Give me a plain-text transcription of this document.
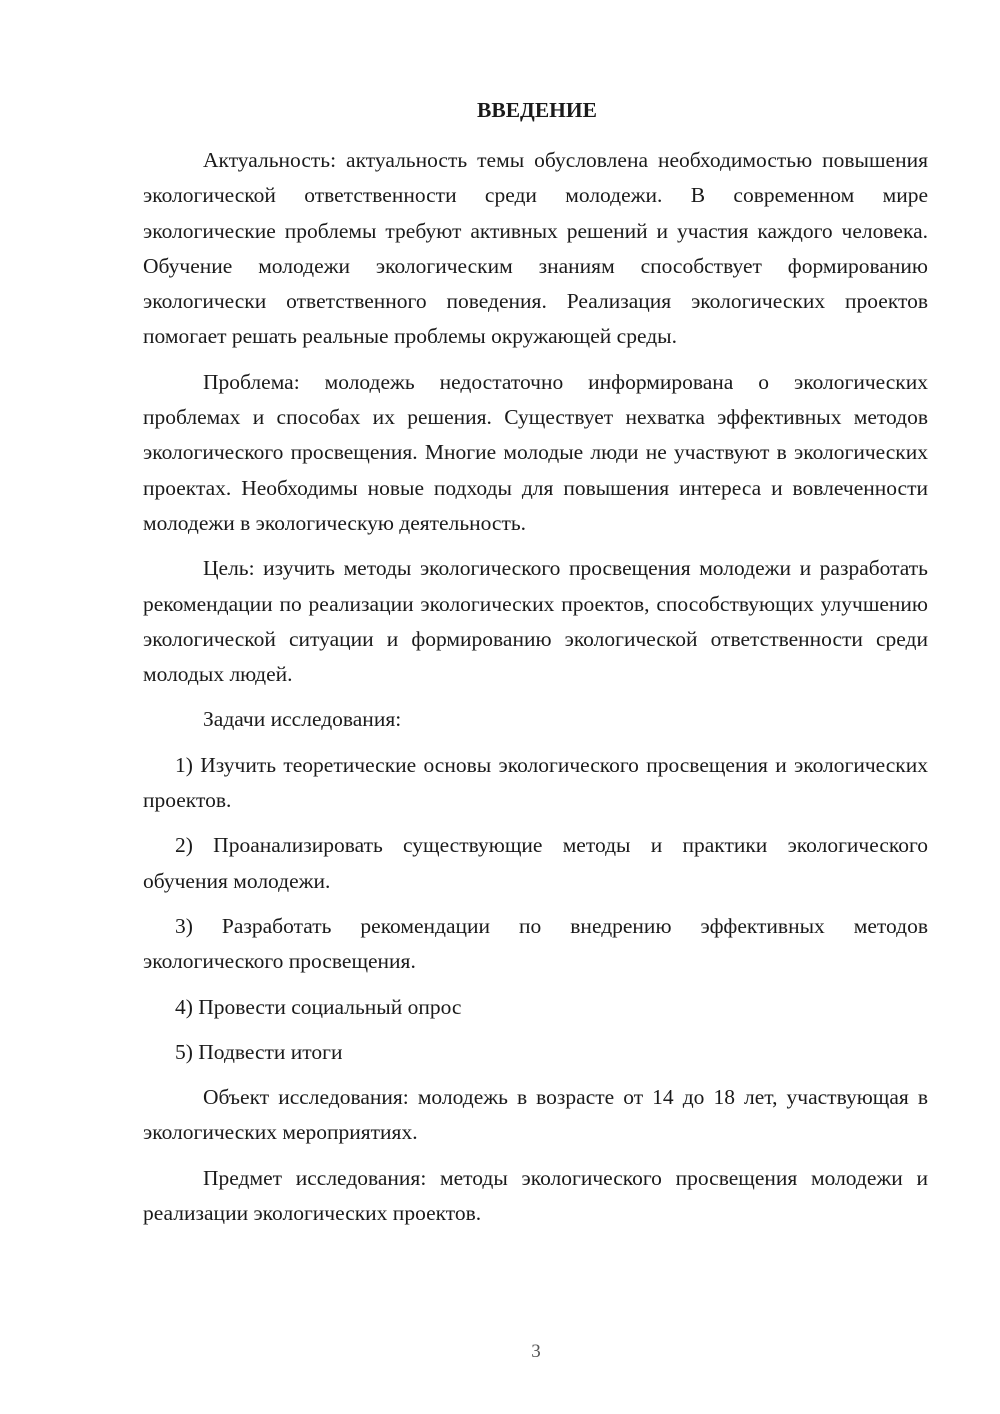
ВВЕДЕНИЕ

Актуальность: актуальность темы обусловлена необходимостью повышения экологической ответственности среди молодежи. В современном мире экологические проблемы требуют активных решений и участия каждого человека. Обучение молодежи экологическим знаниям способствует формированию экологически ответственного поведения. Реализация экологических проектов помогает решать реальные проблемы окружающей среды.

Проблема: молодежь недостаточно информирована о экологических проблемах и способах их решения. Существует нехватка эффективных методов экологического просвещения. Многие молодые люди не участвуют в экологических проектах. Необходимы новые подходы для повышения интереса и вовлеченности молодежи в экологическую деятельность.

Цель: изучить методы экологического просвещения молодежи и разработать рекомендации по реализации экологических проектов, способствующих улучшению экологической ситуации и формированию экологической ответственности среди молодых людей.

Задачи исследования:

1) Изучить теоретические основы экологического просвещения и экологических проектов.

2) Проанализировать существующие методы и практики экологического обучения молодежи.

3) Разработать рекомендации по внедрению эффективных методов экологического просвещения.

4) Провести социальный опрос

5) Подвести итоги

Объект исследования: молодежь в возрасте от 14 до 18 лет, участвующая в экологических мероприятиях.

Предмет исследования: методы экологического просвещения молодежи и реализации экологических проектов.

3
